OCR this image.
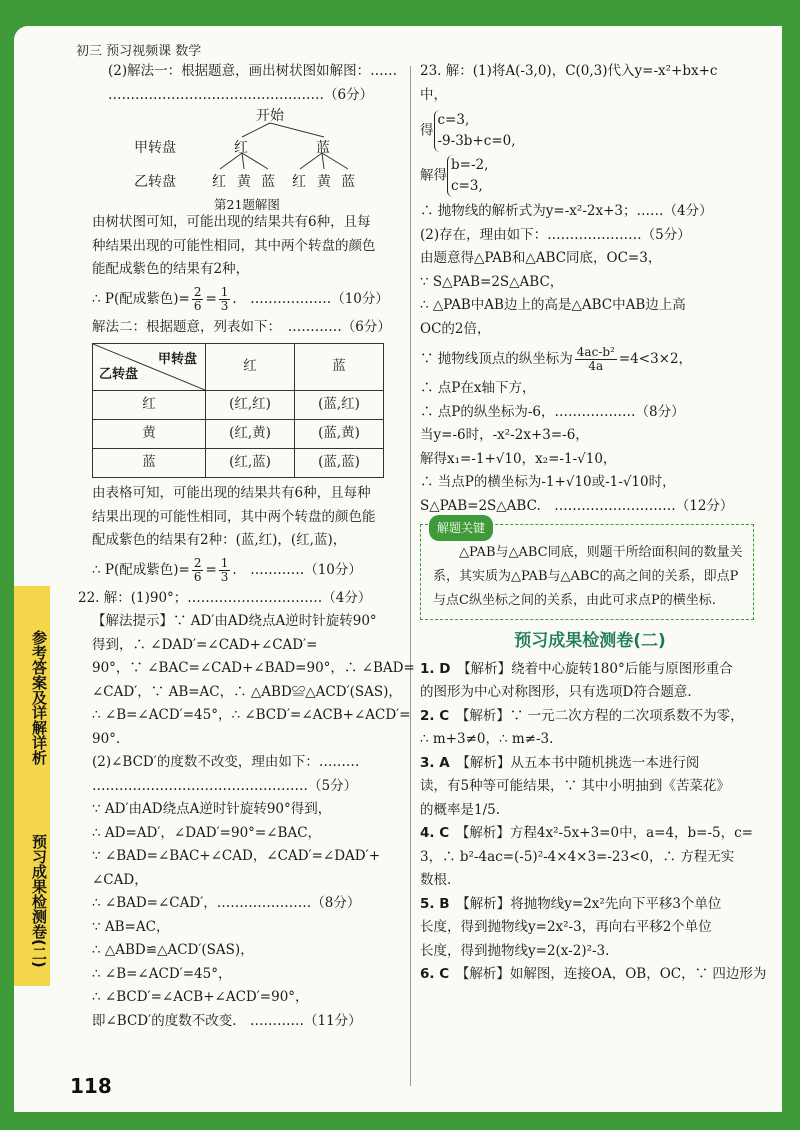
初三 预习视频课 数学
参考答案及详解详析
预习成果检测卷(二)

(2)解法一：根据题意，画出树状图如解图：……

…………………………………………（6分）

开始
甲转盘	红	蓝
乙转盘	红 黄 蓝 红 黄 蓝
第21题解图

由树状图可知，可能出现的结果共有6种，且每

种结果出现的可能性相同，其中两个转盘的颜色

能配成紫色的结果有2种，

∴ P(配成紫色)= $\frac{2}{6} = \frac{1}{3}$ .　………………（10分）

解法二：根据题意，列表如下：　…………（6分）

甲转盘
乙转盘	红	蓝
红	(红,红)	(蓝,红)
黄	(红,黄)	(蓝,黄)
蓝	(红,蓝)	(蓝,蓝)

由表格可知，可能出现的结果共有6种，且每种

结果出现的可能性相同，其中两个转盘的颜色能

配成紫色的结果有2种：(蓝,红)，(红,蓝)，

∴ P(配成紫色)= $\frac{2}{6} = \frac{1}{3}$ .　…………（10分）

22. 解：(1)90°；…………………………（4分）

【解法提示】∵ AD′由AD绕点A逆时针旋转90°

得到，∴ ∠DAD′=∠CAD+∠CAD′=

90°，∵ ∠BAC=∠CAD+∠BAD=90°，∴ ∠BAD=

∠CAD′，∵ AB=AC，∴ △ABD≌△ACD′(SAS)，

∴ ∠B=∠ACD′=45°，∴ ∠BCD′=∠ACB+∠ACD′=

90°.

(2)∠BCD′的度数不改变，理由如下：………

…………………………………………（5分）

∵ AD′由AD绕点A逆时针旋转90°得到，

∴ AD=AD′，∠DAD′=90°=∠BAC，

∵ ∠BAD=∠BAC+∠CAD，∠CAD′=∠DAD′+

∠CAD，

∴ ∠BAD=∠CAD′，…………………（8分）

∵ AB=AC，

∴ △ABD≌△ACD′(SAS)，

∴ ∠B=∠ACD′=45°，

∴ ∠BCD′=∠ACB+∠ACD′=90°，

即∠BCD′的度数不改变.　…………（11分）

23. 解：(1)将A(-3,0)，C(0,3)代入y=-x²+bx+c

中，

得c=3,
-9-3b+c=0,

解得b=-2,
c=3,

∴ 抛物线的解析式为y=-x²-2x+3；……（4分）

(2)存在，理由如下：…………………（5分）

由题意得△PAB和△ABC同底，OC=3，

∵ S△PAB=2S△ABC，

∴ △PAB中AB边上的高是△ABC中AB边上高

OC的2倍，

∵ 抛物线顶点的纵坐标为 $\frac{\text{4ac-b²}}{4a} =4<3\times 2$，

∴ 点P在x轴下方，

∴ 点P的纵坐标为-6，………………（8分）

当y=-6时，-x²-2x+3=-6，

解得x₁=-1+√10，x₂=-1-√10，

∴ 当点P的横坐标为-1+√10或-1-√10时，

S△PAB=2S△ABC.　………………………（12分）

解题关键
△PAB与△ABC同底，则题干所给面积间的数量关系，其实质为△PAB与△ABC的高之间的关系，即点P与点C纵坐标之间的关系，由此可求点P的横坐标.
预习成果检测卷(二)

1. D　 【解析】绕着中心旋转180°后能与原图形重合

的图形为中心对称图形，只有选项D符合题意.

2. C　 【解析】∵ 一元二次方程的二次项系数不为零，

∴ m+3≠0，∴ m≠-3.

3. A　 【解析】从五本书中随机挑选一本进行阅

读，有5种等可能结果，∵ 其中小明抽到《苦菜花》

的概率是1/5.

4. C　 【解析】方程4x²-5x+3=0中，a=4，b=-5，c=

3，∴ b²-4ac=(-5)²-4×4×3=-23<0，∴ 方程无实

数根.

5. B　 【解析】将抛物线y=2x²先向下平移3个单位

长度，得到抛物线y=2x²-3，再向右平移2个单位

长度，得到抛物线y=2(x-2)²-3.

6. C　 【解析】如解图，连接OA，OB，OC，∵ 四边形为

118
